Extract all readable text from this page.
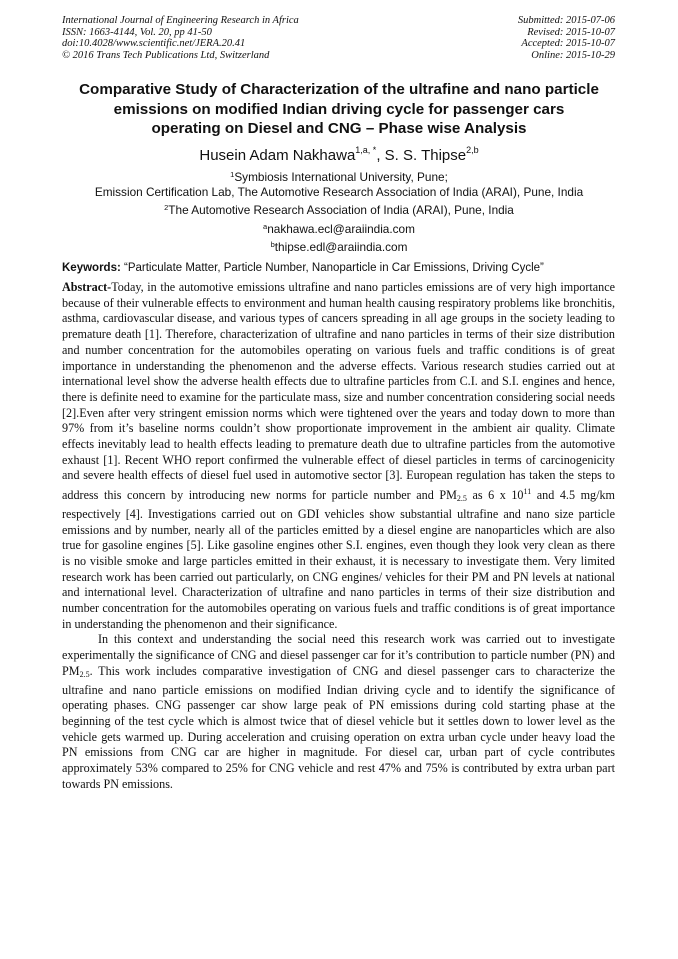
International Journal of Engineering Research in Africa
ISSN: 1663-4144, Vol. 20, pp 41-50
doi:10.4028/www.scientific.net/JERA.20.41
© 2016 Trans Tech Publications Ltd, Switzerland
Submitted: 2015-07-06
Revised: 2015-10-07
Accepted: 2015-10-07
Online: 2015-10-29
Comparative Study of Characterization of the ultrafine and nano particle
emissions on modified Indian driving cycle for passenger cars
operating on Diesel and CNG – Phase wise Analysis
Husein Adam Nakhawa$^{1,a, *}$, S. S. Thipse$^{2,b}$
$^1$Symbiosis International University, Pune;
Emission Certification Lab, The Automotive Research Association of India (ARAI), Pune, India
$^2$The Automotive Research Association of India (ARAI), Pune, India
$^a$nakhawa.ecl@araiindia.com
$^b$thipse.edl@araiindia.com
Keywords: “Particulate Matter, Particle Number, Nanoparticle in Car Emissions, Driving Cycle”

Abstract-Today, in the automotive emissions ultrafine and nano particles emissions are of very high importance because of their vulnerable effects to environment and human health causing respiratory problems like bronchitis, asthma, cardiovascular disease, and various types of cancers spreading in all age groups in the society leading to premature death [1]. Therefore, characterization of ultrafine and nano particles in terms of their size distribution and number concentration for the automobiles operating on various fuels and traffic conditions is of great importance in understanding the phenomenon and the adverse effects. Various research studies carried out at international level show the adverse health effects due to ultrafine particles from C.I. and S.I. engines and hence, there is definite need to examine for the particulate mass, size and number concentration considering social needs [2].Even after very stringent emission norms which were tightened over the years and today down to more than 97% from it’s baseline norms couldn’t show proportionate improvement in the ambient air quality. Climate effects inevitably lead to health effects leading to premature death due to ultrafine particles from the automotive exhaust [1]. Recent WHO report confirmed the vulnerable effect of diesel particles in terms of carcinogenicity and severe health effects of diesel fuel used in automotive sector [3]. European regulation has taken the steps to address this concern by introducing new norms for particle number and $PM_{2.5}$ as 6 x $10^{11}$ and 4.5 mg/km respectively [4]. Investigations carried out on GDI vehicles show substantial ultrafine and nano size particle emissions and by number, nearly all of the particles emitted by a diesel engine are nanoparticles which are also true for gasoline engines [5]. Like gasoline engines other S.I. engines, even though they look very clean as there is no visible smoke and large particles emitted in their exhaust, it is necessary to investigate them. Very limited research work has been carried out particularly, on CNG engines/ vehicles for their PM and PN levels at national and international level. Characterization of ultrafine and nano particles in terms of their size distribution and number concentration for the automobiles operating on various fuels and traffic conditions is of great importance in understanding the phenomenon and their significance.

In this context and understanding the social need this research work was carried out to investigate experimentally the significance of CNG and diesel passenger car for it’s contribution to particle number (PN) and $PM_{2.5}$. This work includes comparative investigation of CNG and diesel passenger cars to characterize the ultrafine and nano particle emissions on modified Indian driving cycle and to identify the significance of operating phases. CNG passenger car show large peak of PN emissions during cold starting phase at the beginning of the test cycle which is almost twice that of diesel vehicle but it settles down to lower level as the vehicle gets warmed up. During acceleration and cruising operation on extra urban cycle under heavy load the PN emissions from CNG car are higher in magnitude. For diesel car, urban part of cycle contributes approximately 53% compared to 25% for CNG vehicle and rest 47% and 75% is contributed by extra urban part towards PN emissions.
